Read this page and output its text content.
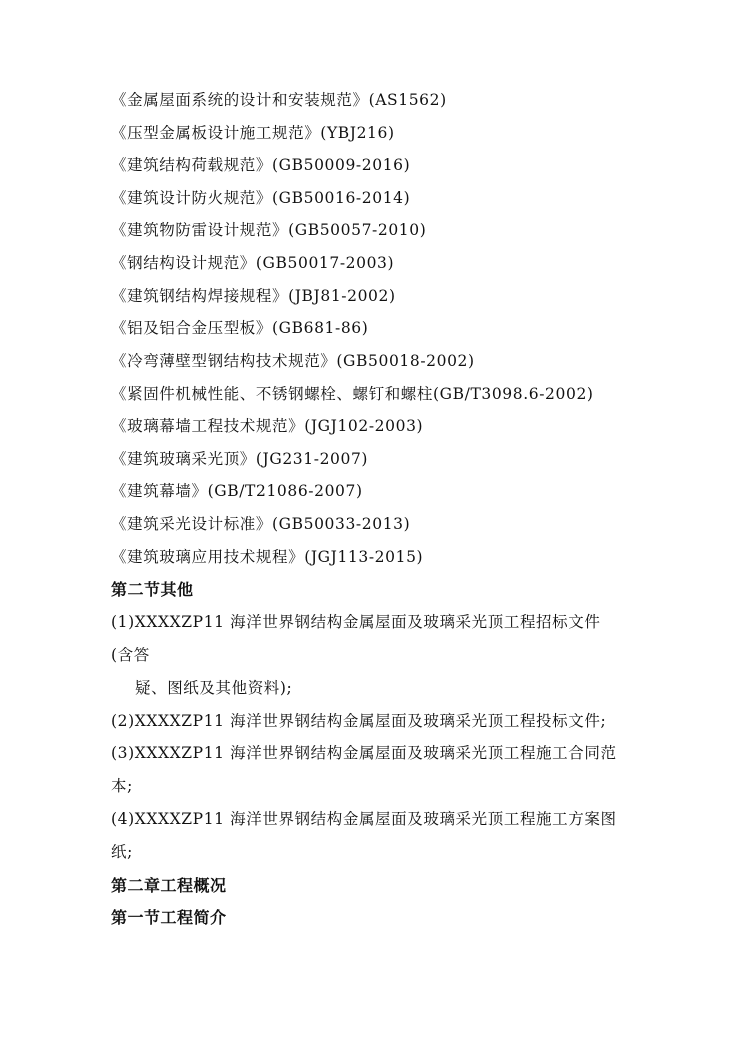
《金属屋面系统的设计和安装规范》(AS1562)
《压型金属板设计施工规范》(YBJ216)
《建筑结构荷载规范》(GB50009-2016)
《建筑设计防火规范》(GB50016-2014)
《建筑物防雷设计规范》(GB50057-2010)
《钢结构设计规范》(GB50017-2003)
《建筑钢结构焊接规程》(JBJ81-2002)
《铝及铝合金压型板》(GB681-86)
《冷弯薄壁型钢结构技术规范》(GB50018-2002)
《紧固件机械性能、不锈钢螺栓、螺钉和螺柱(GB/T3098.6-2002)
《玻璃幕墙工程技术规范》(JGJ102-2003)
《建筑玻璃采光顶》(JG231-2007)
《建筑幕墙》(GB/T21086-2007)
《建筑采光设计标准》(GB50033-2013)
《建筑玻璃应用技术规程》(JGJ113-2015)
第二节其他
(1)XXXXZP11 海洋世界钢结构金属屋面及玻璃采光顶工程招标文件
(含答
疑、图纸及其他资料);
(2)XXXXZP11 海洋世界钢结构金属屋面及玻璃采光顶工程投标文件;
(3)XXXXZP11 海洋世界钢结构金属屋面及玻璃采光顶工程施工合同范
本;
(4)XXXXZP11 海洋世界钢结构金属屋面及玻璃采光顶工程施工方案图
纸;
第二章工程概况
第一节工程简介
